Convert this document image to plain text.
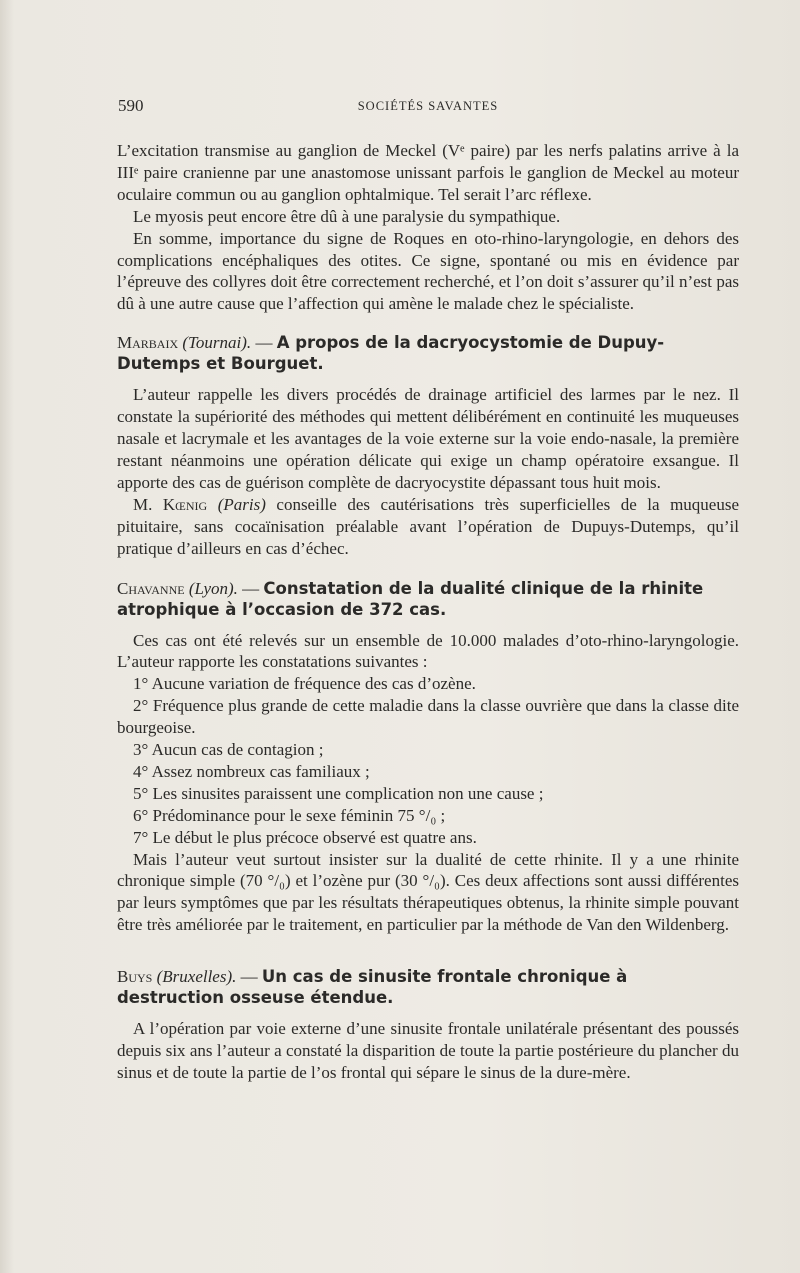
590	SOCIÉTÉS SAVANTES

L’excitation transmise au ganglion de Meckel (Vᵉ paire) par les nerfs palatins arrive à la IIIᵉ paire cranienne par une anastomose unissant parfois le ganglion de Meckel au moteur oculaire commun ou au ganglion ophtalmique. Tel serait l’arc réflexe.

Le myosis peut encore être dû à une paralysie du sympathique.

En somme, importance du signe de Roques en oto-rhino-laryngologie, en dehors des complications encéphaliques des otites. Ce signe, spontané ou mis en évidence par l’épreuve des collyres doit être correctement recherché, et l’on doit s’assurer qu’il n’est pas dû à une autre cause que l’affection qui amène le malade chez le spécialiste.

Marbaix (Tournai). — A propos de la dacryocystomie de Dupuy-Dutemps et Bourguet.

L’auteur rappelle les divers procédés de drainage artificiel des larmes par le nez. Il constate la supériorité des méthodes qui mettent délibérément en continuité les muqueuses nasale et lacrymale et les avantages de la voie externe sur la voie endo-nasale, la première restant néanmoins une opération délicate qui exige un champ opératoire exsangue. Il apporte des cas de guérison complète de dacryocystite dépassant tous huit mois.

M. Kœnig (Paris) conseille des cautérisations très superficielles de la muqueuse pituitaire, sans cocaïnisation préalable avant l’opération de Dupuys-Dutemps, qu’il pratique d’ailleurs en cas d’échec.

Chavanne (Lyon). — Constatation de la dualité clinique de la rhinite atrophique à l’occasion de 372 cas.

Ces cas ont été relevés sur un ensemble de 10.000 malades d’oto-rhino-laryngologie. L’auteur rapporte les constatations suivantes :

1° Aucune variation de fréquence des cas d’ozène.

2° Fréquence plus grande de cette maladie dans la classe ouvrière que dans la classe dite bourgeoise.

3° Aucun cas de contagion ;

4° Assez nombreux cas familiaux ;

5° Les sinusites paraissent une complication non une cause ;

6° Prédominance pour le sexe féminin 75 °/₀ ;

7° Le début le plus précoce observé est quatre ans.

Mais l’auteur veut surtout insister sur la dualité de cette rhinite. Il y a une rhinite chronique simple (70 °/₀) et l’ozène pur (30 °/₀). Ces deux affections sont aussi différentes par leurs symptômes que par les résultats thérapeutiques obtenus, la rhinite simple pouvant être très améliorée par le traitement, en particulier par la méthode de Van den Wildenberg.

Buys (Bruxelles). — Un cas de sinusite frontale chronique à destruction osseuse étendue.

A l’opération par voie externe d’une sinusite frontale unilatérale présentant des poussés depuis six ans l’auteur a constaté la disparition de toute la partie postérieure du plancher du sinus et de toute la partie de l’os frontal qui sépare le sinus de la dure-mère.
